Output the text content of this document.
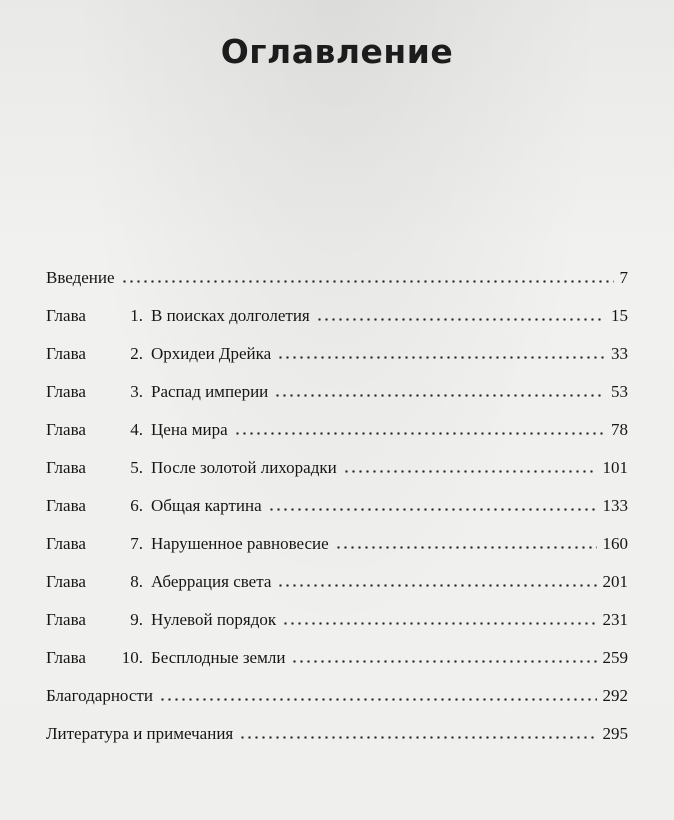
Оглавление
Введение	7
Глава	1. В поисках долголетия	15
Глава	2. Орхидеи Дрейка	33
Глава	3. Распад империи	53
Глава	4. Цена мира	78
Глава	5. После золотой лихорадки	101
Глава	6. Общая картина	133
Глава	7. Нарушенное равновесие	160
Глава	8. Аберрация света	201
Глава	9. Нулевой порядок	231
Глава 10. Бесплодные земли	259
Благодарности	292
Литература и примечания	295
